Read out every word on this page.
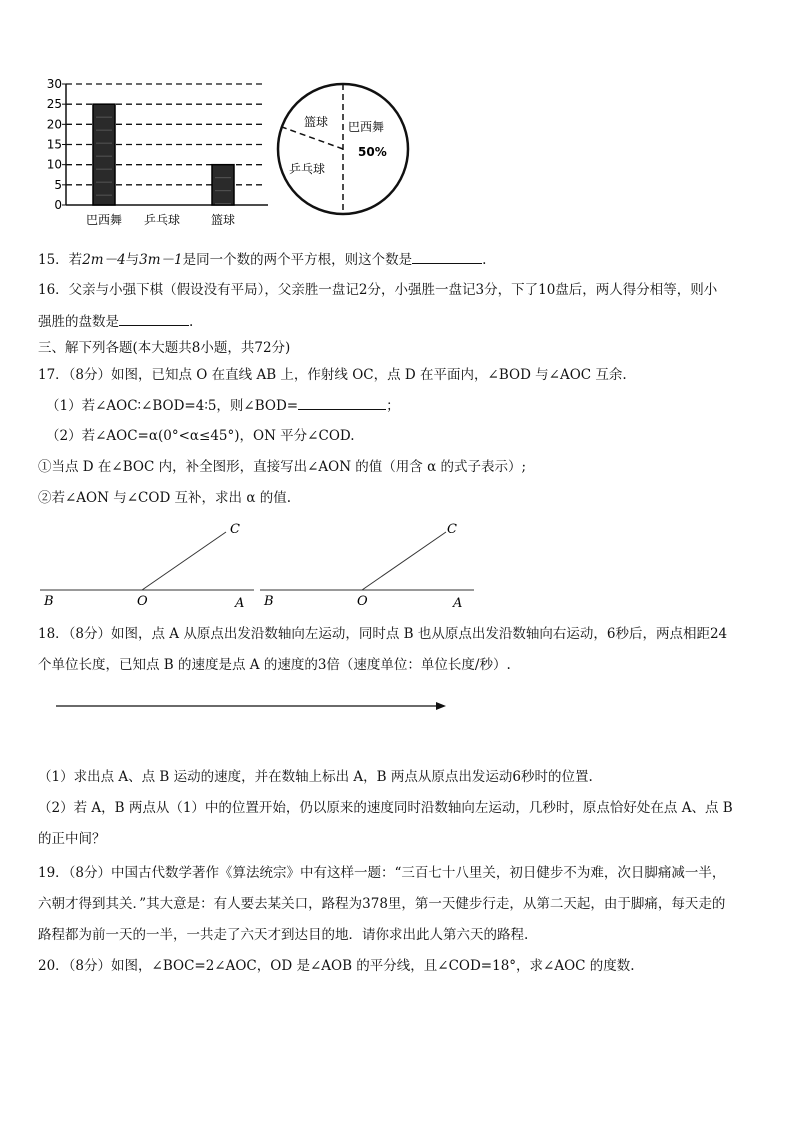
30
25
20
15
10
5
0
巴西舞 乒乓球	篮球
篮球 巴西舞
50%
乒乓球
15．若2m－4与3m－1是同一个数的两个平方根，则这个数是	.
16．父亲与小强下棋（假设没有平局），父亲胜一盘记2分，小强胜一盘记3分，下了10盘后，两人得分相等，则小
强胜的盘数是	.
三、解下列各题(本大题共8小题，共72分)
17．（8分）如图，已知点 O 在直线 AB 上，作射线 OC，点 D 在平面内，∠BOD 与∠AOC 互余.
（1）若∠AOC∶∠BOD=4∶5，则∠BOD=	；
（2）若∠AOC=α(0°<α≤45°)，ON 平分∠COD.
①当点 D 在∠BOC 内，补全图形，直接写出∠AON 的值（用含 α 的式子表示）;
②若∠AON 与∠COD 互补，求出 α 的值.
C
B	O	A
C
B	O	A
18．（8分）如图，点 A 从原点出发沿数轴向左运动，同时点 B 也从原点出发沿数轴向右运动，6秒后，两点相距24
个单位长度，已知点 B 的速度是点 A 的速度的3倍（速度单位：单位长度/秒）.
（1）求出点 A、点 B 运动的速度，并在数轴上标出 A，B 两点从原点出发运动6秒时的位置.
（2）若 A，B 两点从（1）中的位置开始，仍以原来的速度同时沿数轴向左运动，几秒时，原点恰好处在点 A、点 B
的正中间？
19．（8分）中国古代数学著作《算法统宗》中有这样一题：“三百七十八里关，初日健步不为难，次日脚痛减一半，
六朝才得到其关．”其大意是：有人要去某关口，路程为378里，第一天健步行走，从第二天起，由于脚痛，每天走的
路程都为前一天的一半，一共走了六天才到达目的地．请你求出此人第六天的路程.
20．（8分）如图，∠BOC=2∠AOC，OD 是∠AOB 的平分线，且∠COD=18°，求∠AOC 的度数.
